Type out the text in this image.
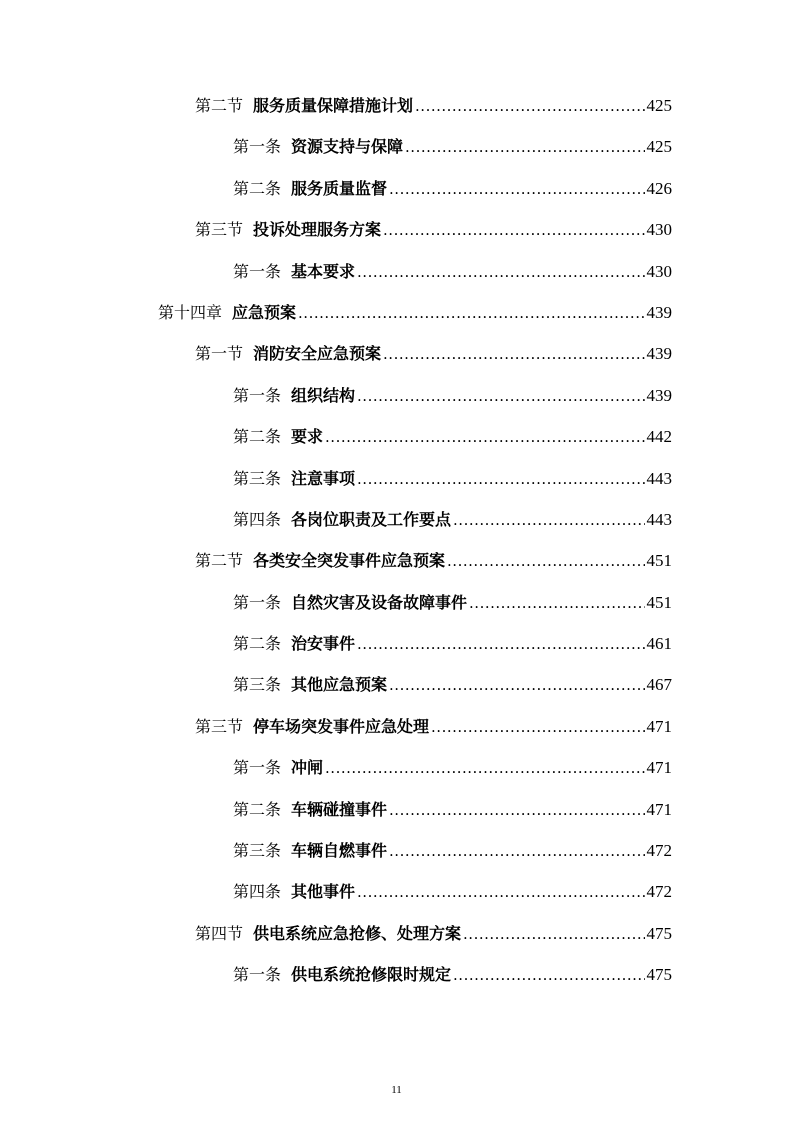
第二节 服务质量保障措施计划 .....	425
第一条 资源支持与保障 .....	425
第二条 服务质量监督 .....	426
第三节 投诉处理服务方案 .....	430
第一条 基本要求 .....	430
第十四章 应急预案 .....	439
第一节 消防安全应急预案 .....	439
第一条 组织结构 .....	439
第二条 要求 .....	442
第三条 注意事项 .....	443
第四条 各岗位职责及工作要点 .....	443
第二节 各类安全突发事件应急预案 .....	451
第一条 自然灾害及设备故障事件 .....	451
第二条 治安事件 .....	461
第三条 其他应急预案 .....	467
第三节 停车场突发事件应急处理 .....	471
第一条 冲闸 .....	471
第二条 车辆碰撞事件 .....	471
第三条 车辆自燃事件 .....	472
第四条 其他事件 .....	472
第四节 供电系统应急抢修、处理方案 .....	475
第一条 供电系统抢修限时规定 .....	475
11
